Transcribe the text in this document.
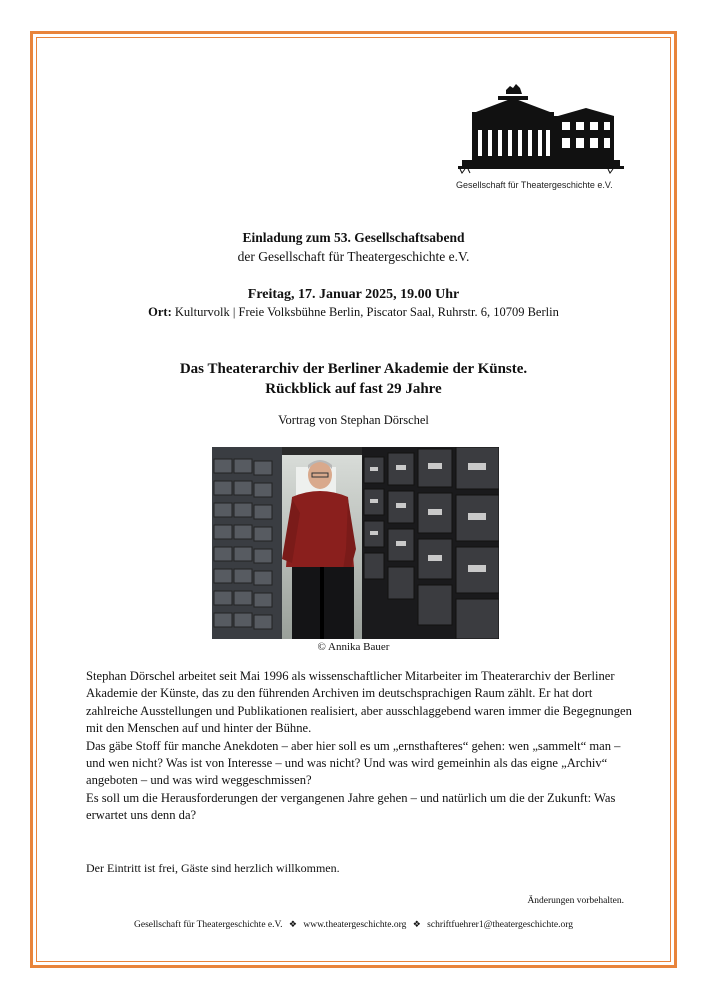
Gesellschaft für Theatergeschichte e.V.
Einladung zum 53. Gesellschaftsabend
der Gesellschaft für Theatergeschichte e.V.
Freitag, 17. Januar 2025, 19.00 Uhr
Ort: Kulturvolk | Freie Volksbühne Berlin, Piscator Saal, Ruhrstr. 6, 10709 Berlin
Das Theaterarchiv der Berliner Akademie der Künste.
Rückblick auf fast 29 Jahre
Vortrag von Stephan Dörschel
© Annika Bauer

Stephan Dörschel arbeitet seit Mai 1996 als wissenschaftlicher Mitarbeiter im Theaterarchiv der Berliner Akademie der Künste, das zu den führenden Archiven im deutschsprachigen Raum zählt. Er hat dort zahlreiche Ausstellungen und Publikationen realisiert, aber ausschlaggebend waren immer die Begegnungen mit den Menschen auf und hinter der Bühne.

Das gäbe Stoff für manche Anekdoten – aber hier soll es um „ernsthafteres“ gehen: wen „sammelt“ man – und wen nicht? Was ist von Interesse – und was nicht? Und was wird gemeinhin als das eigne „Archiv“ angeboten – und was wird weggeschmissen?

Es soll um die Herausforderungen der vergangenen Jahre gehen – und natürlich um die der Zukunft: Was erwartet uns denn da?

Der Eintritt ist frei, Gäste sind herzlich willkommen.
Änderungen vorbehalten.
Gesellschaft für Theatergeschichte e.V. ❖ www.theatergeschichte.org ❖ schriftfuehrer1@theatergeschichte.org
